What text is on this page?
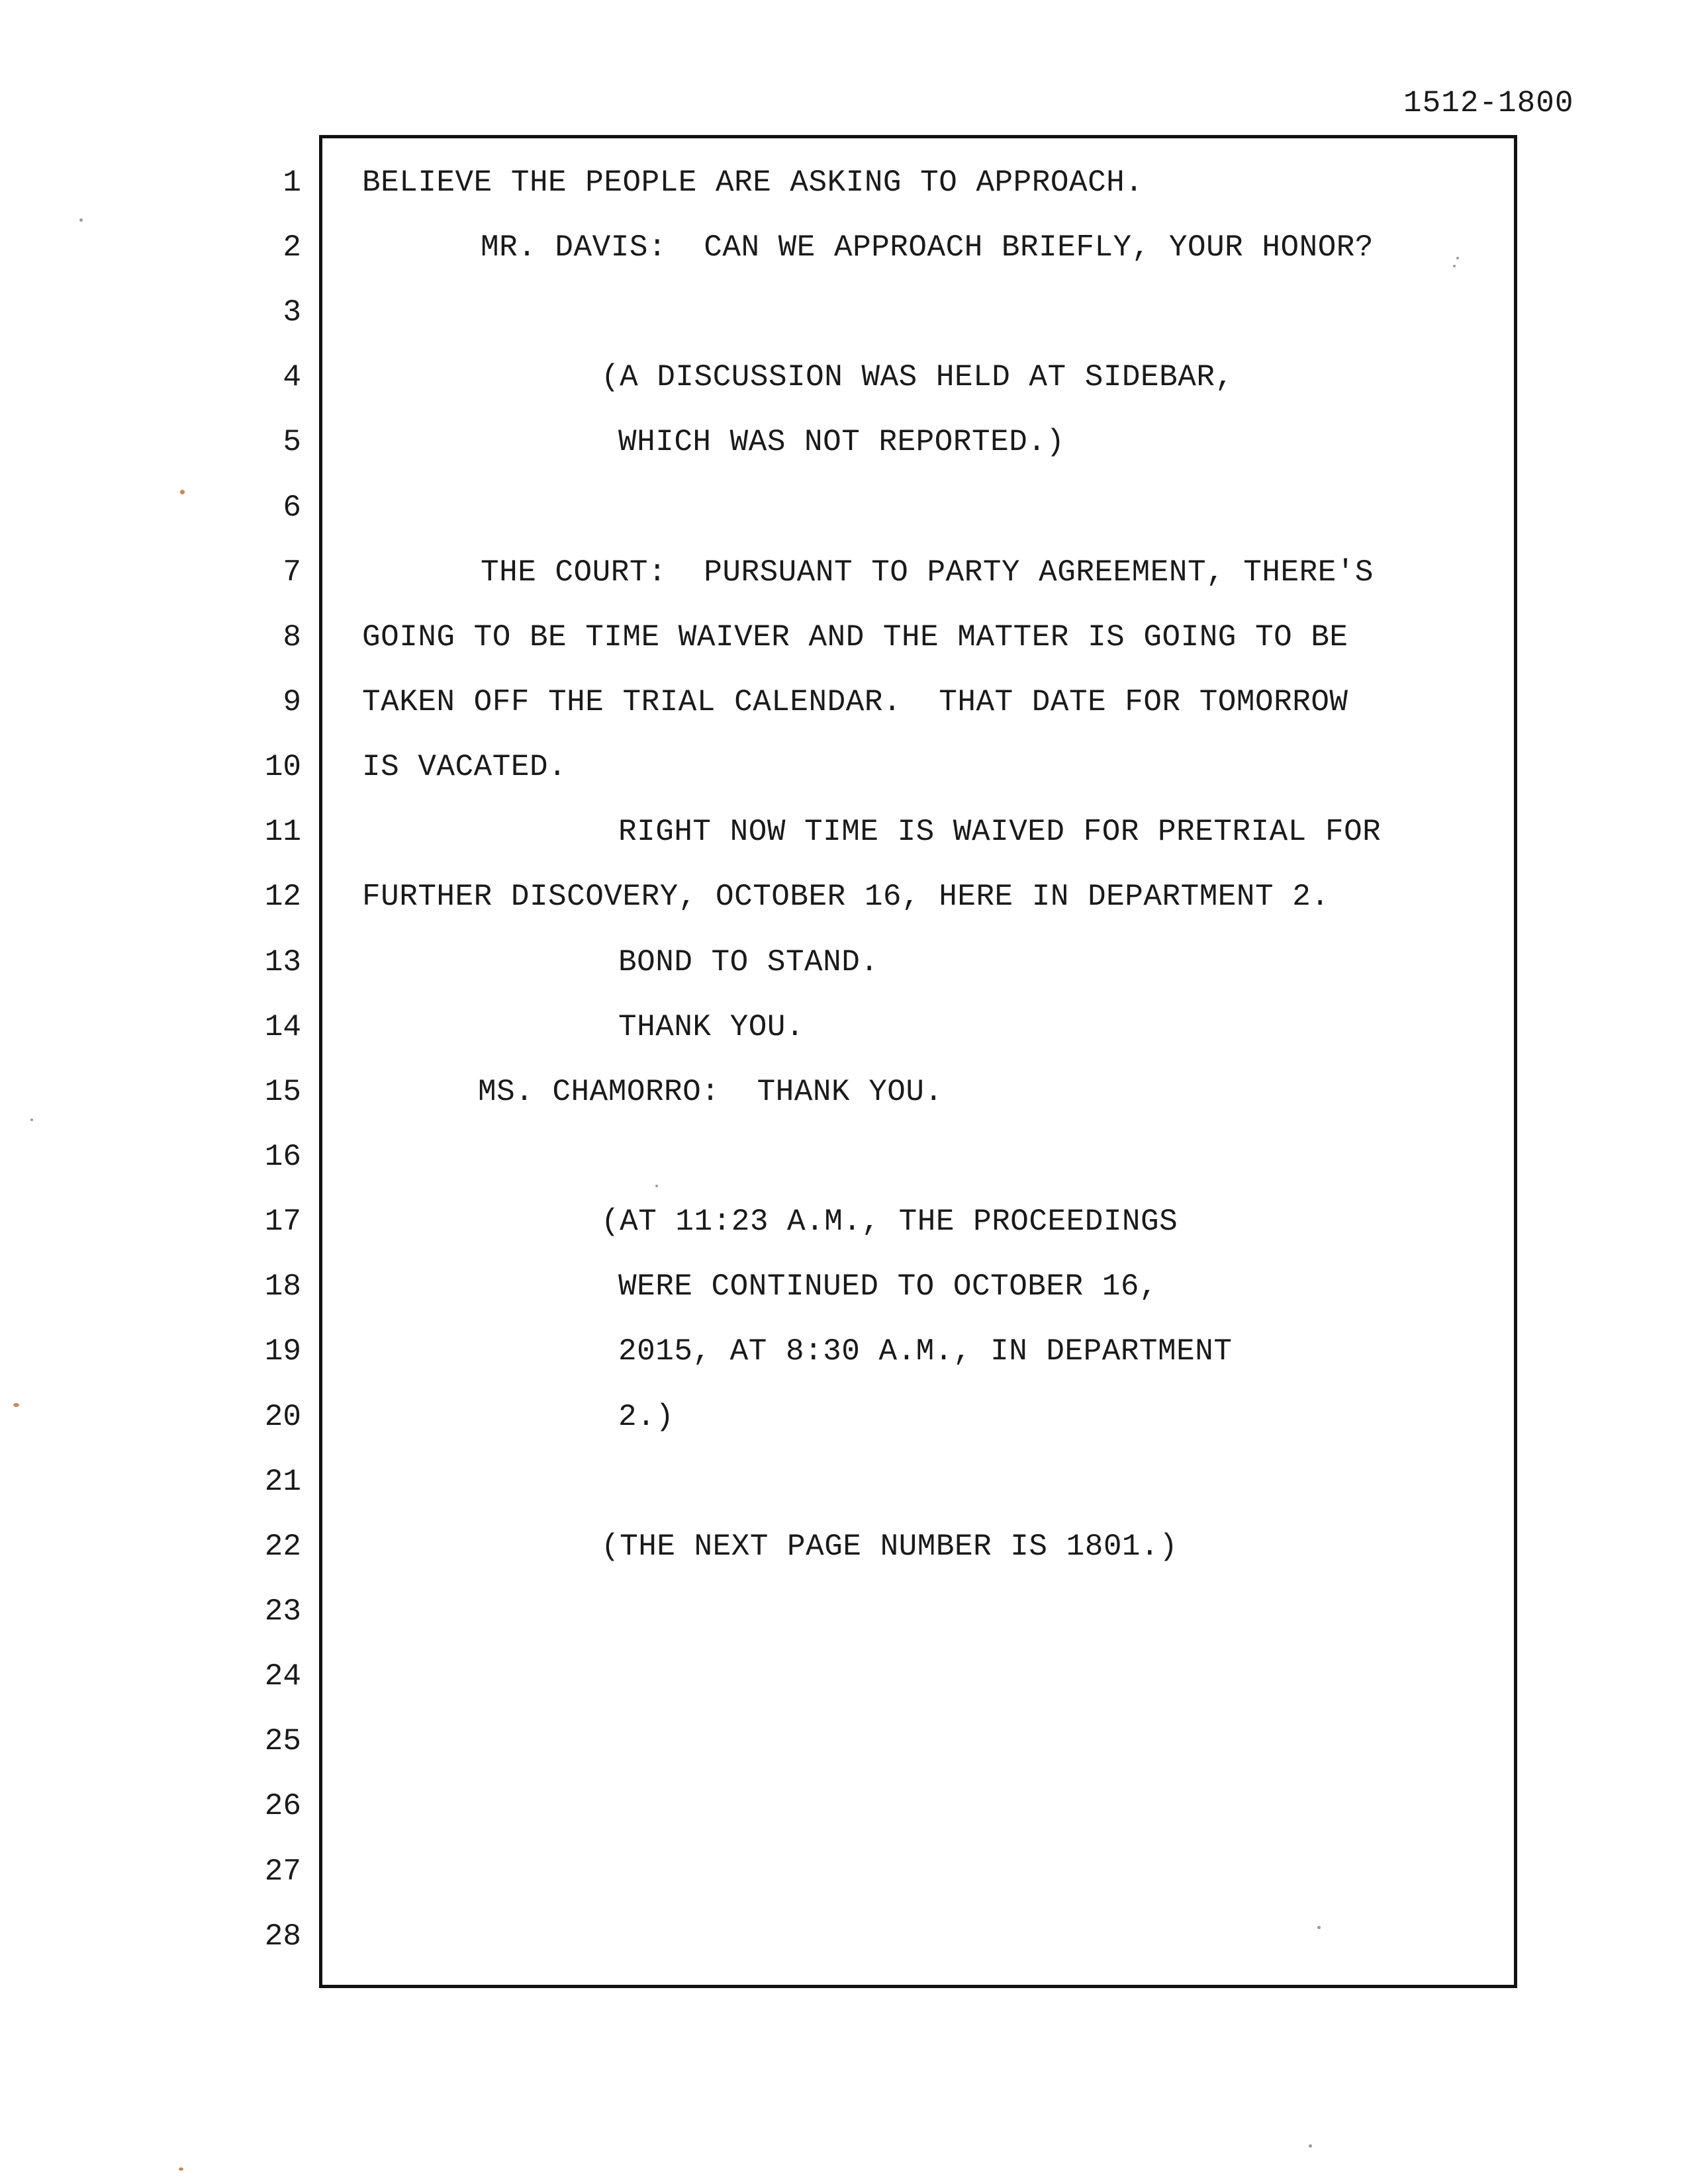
1512-1800
1
2
3
4
5
6
7
8
9
10
11
12
13
14
15
16
17
18
19
20
21
22
23
24
25
26
27
28
BELIEVE THE PEOPLE ARE ASKING TO APPROACH.
MR. DAVIS:  CAN WE APPROACH BRIEFLY, YOUR HONOR?
(A DISCUSSION WAS HELD AT SIDEBAR,
WHICH WAS NOT REPORTED.)
THE COURT:  PURSUANT TO PARTY AGREEMENT, THERE'S
GOING TO BE TIME WAIVER AND THE MATTER IS GOING TO BE
TAKEN OFF THE TRIAL CALENDAR.  THAT DATE FOR TOMORROW
IS VACATED.
RIGHT NOW TIME IS WAIVED FOR PRETRIAL FOR
FURTHER DISCOVERY, OCTOBER 16, HERE IN DEPARTMENT 2.
BOND TO STAND.
THANK YOU.
MS. CHAMORRO:  THANK YOU.
(AT 11:23 A.M., THE PROCEEDINGS
WERE CONTINUED TO OCTOBER 16,
2015, AT 8:30 A.M., IN DEPARTMENT
2.)
(THE NEXT PAGE NUMBER IS 1801.)
